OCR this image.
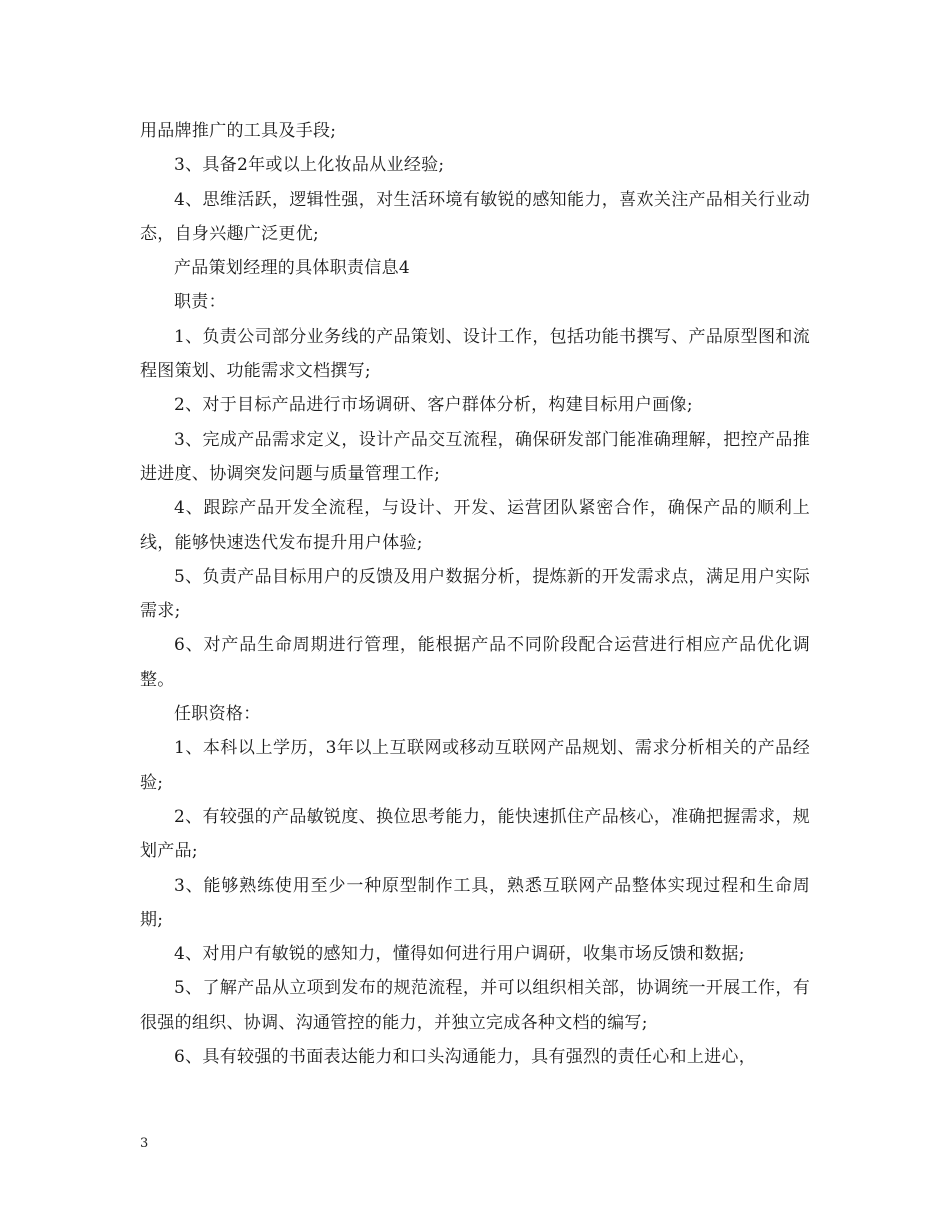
用品牌推广的工具及手段;

3、具备2年或以上化妆品从业经验;

4、思维活跃，逻辑性强，对生活环境有敏锐的感知能力，喜欢关注产品相关行业动态，自身兴趣广泛更优;

产品策划经理的具体职责信息4

职责：

1、负责公司部分业务线的产品策划、设计工作，包括功能书撰写、产品原型图和流程图策划、功能需求文档撰写;

2、对于目标产品进行市场调研、客户群体分析，构建目标用户画像;

3、完成产品需求定义，设计产品交互流程，确保研发部门能准确理解，把控产品推进进度、协调突发问题与质量管理工作;

4、跟踪产品开发全流程，与设计、开发、运营团队紧密合作，确保产品的顺利上线，能够快速迭代发布提升用户体验;

5、负责产品目标用户的反馈及用户数据分析，提炼新的开发需求点，满足用户实际需求;

6、对产品生命周期进行管理，能根据产品不同阶段配合运营进行相应产品优化调整。

任职资格：

1、本科以上学历，3年以上互联网或移动互联网产品规划、需求分析相关的产品经验;

2、有较强的产品敏锐度、换位思考能力，能快速抓住产品核心，准确把握需求，规划产品;

3、能够熟练使用至少一种原型制作工具，熟悉互联网产品整体实现过程和生命周期;

4、对用户有敏锐的感知力，懂得如何进行用户调研，收集市场反馈和数据;

5、了解产品从立项到发布的规范流程，并可以组织相关部，协调统一开展工作，有很强的组织、协调、沟通管控的能力，并独立完成各种文档的编写;

6、具有较强的书面表达能力和口头沟通能力，具有强烈的责任心和上进心，

3
